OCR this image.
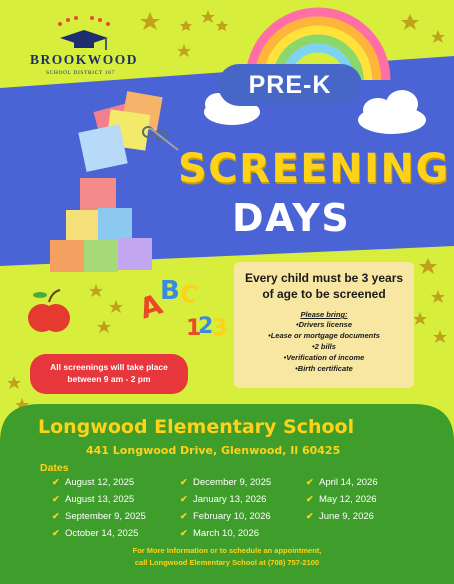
BROOKWOOD
SCHOOL DISTRICT 167	PRE-K
SCREENING
DAYS
Every child must be 3 years of age to be screened
Please bring:
•Drivers license
•Lease or mortgage documents
•2 bills
•Verification of income
•Birth certificate
A
B
C
1
2
3
All screenings will take place
between 9 am - 2 pm
Longwood Elementary School
441 Longwood Drive, Glenwood, Il 60425
Dates
✔ August 12, 2025
✔ August 13, 2025
✔ September 9, 2025
✔ October 14, 2025
✔ December 9, 2025
✔ January 13, 2026
✔ February 10, 2026
✔ March 10, 2026
✔ April 14, 2026
✔ May 12, 2026
✔ June 9, 2026
For More Information or to schedule an appointment,
call Longwood Elementary School at (708) 757-2100
